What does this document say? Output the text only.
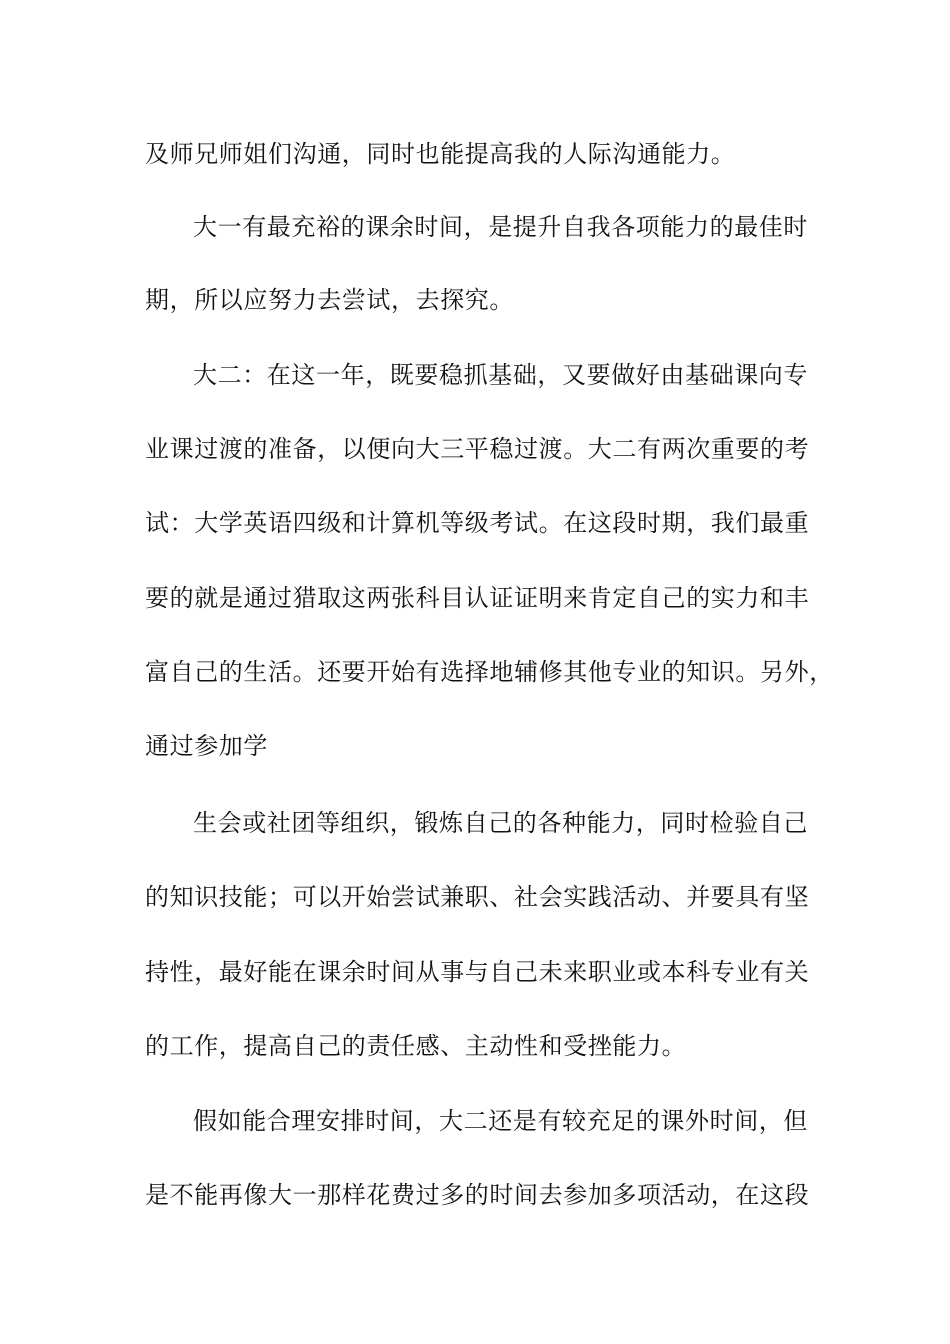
及师兄师姐们沟通，同时也能提高我的人际沟通能力。
大一有最充裕的课余时间，是提升自我各项能力的最佳时
期，所以应努力去尝试，去探究。
大二：在这一年，既要稳抓基础，又要做好由基础课向专
业课过渡的准备，以便向大三平稳过渡。大二有两次重要的考
试：大学英语四级和计算机等级考试。在这段时期，我们最重
要的就是通过猎取这两张科目认证证明来肯定自己的实力和丰
富自己的生活。还要开始有选择地辅修其他专业的知识。另外，
通过参加学
生会或社团等组织，锻炼自己的各种能力，同时检验自己
的知识技能；可以开始尝试兼职、社会实践活动、并要具有坚
持性，最好能在课余时间从事与自己未来职业或本科专业有关
的工作，提高自己的责任感、主动性和受挫能力。
假如能合理安排时间，大二还是有较充足的课外时间，但
是不能再像大一那样花费过多的时间去参加多项活动，在这段
